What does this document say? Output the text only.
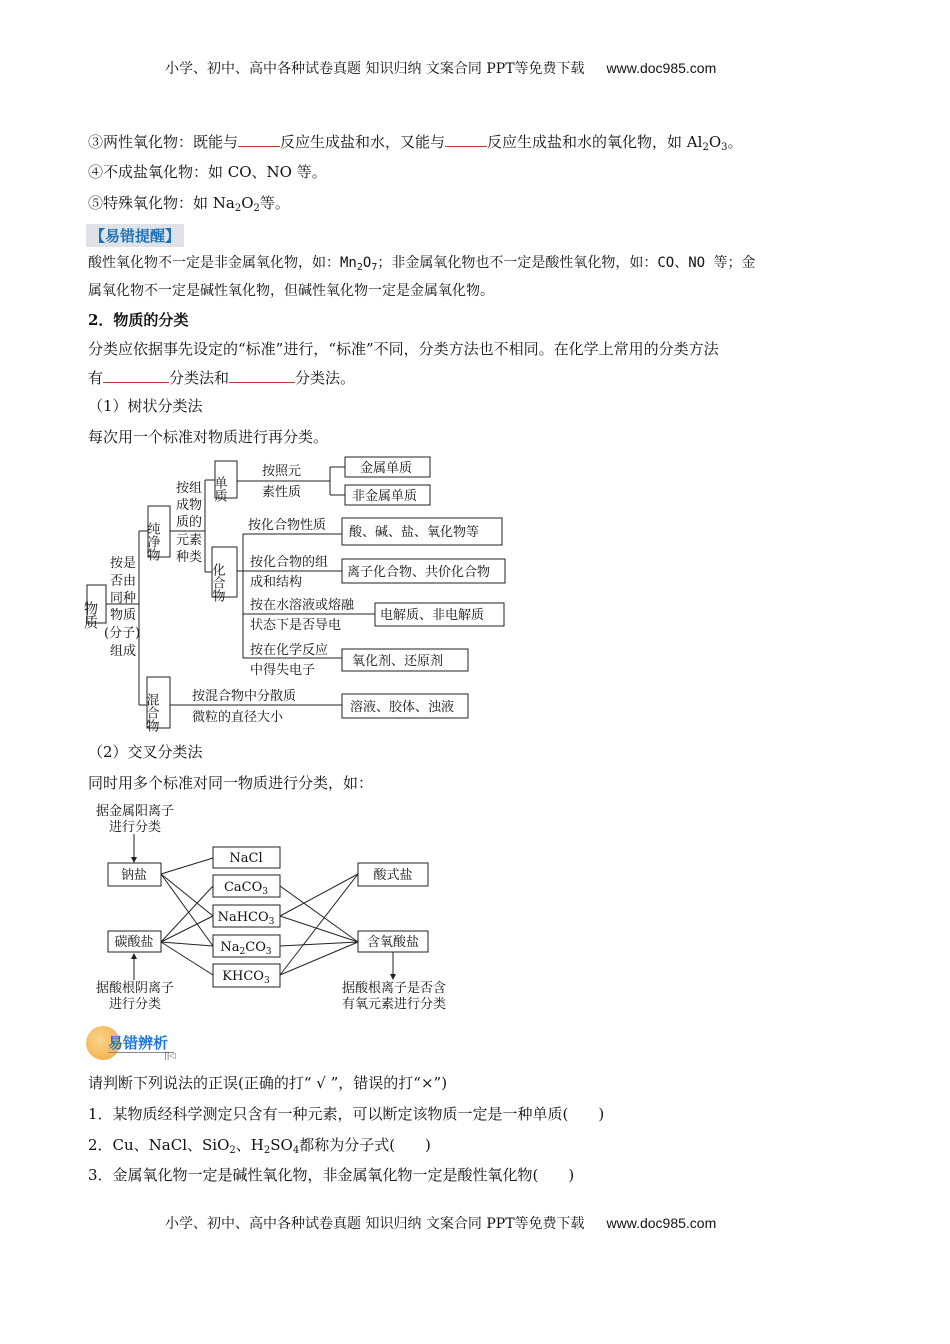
小学、初中、高中各种试卷真题 知识归纳 文案合同 PPT等免费下载 www.doc985.com
③两性氧化物：既能与	反应生成盐和水，又能与	反应生成盐和水的氧化物，如 $Al_2O_3$。
④不成盐氧化物：如 CO、NO 等。
⑤特殊氧化物：如 $Na_2O_2$等。
【易错提醒】
酸性氧化物不一定是非金属氧化物，如：$Mn_2O_7$；非金属氧化物也不一定是酸性氧化物，如：CO、NO 等；金
属氧化物不一定是碱性氧化物，但碱性氧化物一定是金属氧化物。
2．物质的分类
分类应依据事先设定的“标准”进行，“标准”不同，分类方法也不相同。在化学上常用的分类方法
有	分类法和	分类法。
（1）树状分类法
每次用一个标准对物质进行再分类。
物质
按是
否由
同种
物质
(分子)
组成
纯净物
混合物
按组
成物
质的
元素
种类
单质
化合物
按照元
素性质
金属单质
非金属单质
按化合物性质
按化合物的组
成和结构
按在水溶液或熔融
状态下是否导电
按在化学反应
中得失电子
酸、碱、盐、氧化物等
离子化合物、共价化合物
电解质、非电解质
氧化剂、还原剂
按混合物中分散质
微粒的直径大小
溶液、胶体、浊液
（2）交叉分类法
同时用多个标准对同一物质进行分类，如：
据金属阳离子
进行分类
据酸根阴离子
进行分类
据酸根离子是否含
有氧元素进行分类
钠盐
碳酸盐
酸式盐
含氧酸盐
NaCl
CaCO$_3$
NaHCO$_3$
$Na_2CO_3$
$KHCO_3$
易错辨析
||◁
请判断下列说法的正误(正确的打“ √ ”，错误的打“×”)
1．某物质经科学测定只含有一种元素，可以断定该物质一定是一种单质(　　)
2．Cu、NaCl、SiO$_2$、$H_2SO_4$都称为分子式(　　)
3．金属氧化物一定是碱性氧化物，非金属氧化物一定是酸性氧化物(　　)
小学、初中、高中各种试卷真题 知识归纳 文案合同 PPT等免费下载 www.doc985.com
